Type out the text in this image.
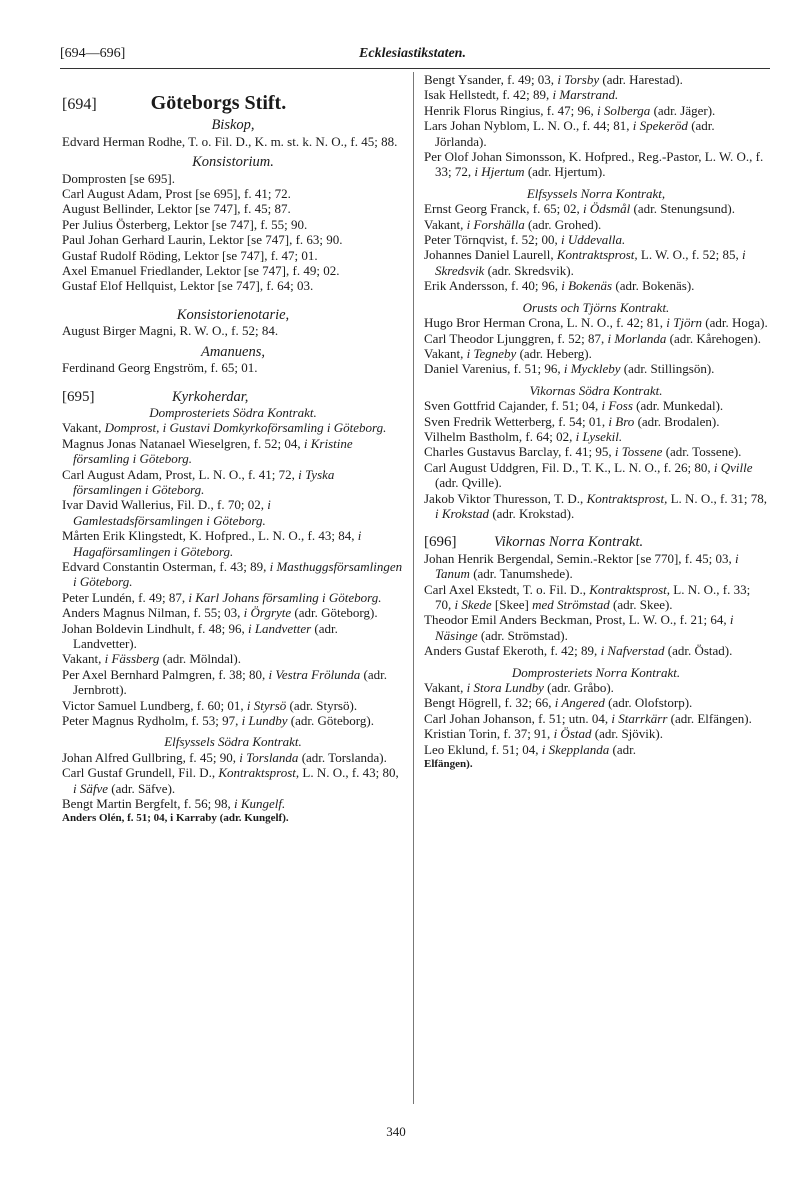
[694—696]	Ecklesiastikstaten.

[694]	Göteborgs Stift.

Biskop,

Edvard Herman Rodhe, T. o. Fil. D., K. m. st. k. N. O., f. 45; 88.

Konsistorium.

Domprosten [se 695].

Carl August Adam, Prost [se 695], f. 41; 72.

August Bellinder, Lektor [se 747], f. 45; 87.

Per Julius Österberg, Lektor [se 747], f. 55; 90.

Paul Johan Gerhard Laurin, Lektor [se 747], f. 63; 90.

Gustaf Rudolf Röding, Lektor [se 747], f. 47; 01.

Axel Emanuel Friedlander, Lektor [se 747], f. 49; 02.

Gustaf Elof Hellquist, Lektor [se 747], f. 64; 03.

Konsistorienotarie,

August Birger Magni, R. W. O., f. 52; 84.

Amanuens,

Ferdinand Georg Engström, f. 65; 01.

[695]	Kyrkoherdar,

Domprosteriets Södra Kontrakt.

Vakant, Domprost, i Gustavi Domkyrkoförsamling i Göteborg.

Magnus Jonas Natanael Wieselgren, f. 52; 04, i Kristine församling i Göteborg.

Carl August Adam, Prost, L. N. O., f. 41; 72, i Tyska församlingen i Göteborg.

Ivar David Wallerius, Fil. D., f. 70; 02, i Gamlestadsförsamlingen i Göteborg.

Mårten Erik Klingstedt, K. Hofpred., L. N. O., f. 43; 84, i Hagaförsamlingen i Göteborg.

Edvard Constantin Osterman, f. 43; 89, i Masthuggsförsamlingen i Göteborg.

Peter Lundén, f. 49; 87, i Karl Johans församling i Göteborg.

Anders Magnus Nilman, f. 55; 03, i Örgryte (adr. Göteborg).

Johan Boldevin Lindhult, f. 48; 96, i Landvetter (adr. Landvetter).

Vakant, i Fässberg (adr. Mölndal).

Per Axel Bernhard Palmgren, f. 38; 80, i Vestra Frölunda (adr. Jernbrott).

Victor Samuel Lundberg, f. 60; 01, i Styrsö (adr. Styrsö).

Peter Magnus Rydholm, f. 53; 97, i Lundby (adr. Göteborg).

Elfsyssels Södra Kontrakt.

Johan Alfred Gullbring, f. 45; 90, i Torslanda (adr. Torslanda).

Carl Gustaf Grundell, Fil. D., Kontraktsprost, L. N. O., f. 43; 80, i Säfve (adr. Säfve).

Bengt Martin Bergfelt, f. 56; 98, i Kungelf.

Anders Olén, f. 51; 04, i Karraby (adr. Kungelf).

Bengt Ysander, f. 49; 03, i Torsby (adr. Harestad).

Isak Hellstedt, f. 42; 89, i Marstrand.

Henrik Florus Ringius, f. 47; 96, i Solberga (adr. Jäger).

Lars Johan Nyblom, L. N. O., f. 44; 81, i Spekeröd (adr. Jörlanda).

Per Olof Johan Simonsson, K. Hofpred., Reg.-Pastor, L. W. O., f. 33; 72, i Hjertum (adr. Hjertum).

Elfsyssels Norra Kontrakt,

Ernst Georg Franck, f. 65; 02, i Ödsmål (adr. Stenungsund).

Vakant, i Forshälla (adr. Grohed).

Peter Törnqvist, f. 52; 00, i Uddevalla.

Johannes Daniel Laurell, Kontraktsprost, L. W. O., f. 52; 85, i Skredsvik (adr. Skredsvik).

Erik Andersson, f. 40; 96, i Bokenäs (adr. Bokenäs).

Orusts och Tjörns Kontrakt.

Hugo Bror Herman Crona, L. N. O., f. 42; 81, i Tjörn (adr. Hoga).

Carl Theodor Ljunggren, f. 52; 87, i Morlanda (adr. Kårehogen).

Vakant, i Tegneby (adr. Heberg).

Daniel Varenius, f. 51; 96, i Myckleby (adr. Stillingsön).

Vikornas Södra Kontrakt.

Sven Gottfrid Cajander, f. 51; 04, i Foss (adr. Munkedal).

Sven Fredrik Wetterberg, f. 54; 01, i Bro (adr. Brodalen).

Vilhelm Bastholm, f. 64; 02, i Lysekil.

Charles Gustavus Barclay, f. 41; 95, i Tossene (adr. Tossene).

Carl August Uddgren, Fil. D., T. K., L. N. O., f. 26; 80, i Qville (adr. Qville).

Jakob Viktor Thuresson, T. D., Kontraktsprost, L. N. O., f. 31; 78, i Krokstad (adr. Krokstad).

[696]	Vikornas Norra Kontrakt.

Johan Henrik Bergendal, Semin.-Rektor [se 770], f. 45; 03, i Tanum (adr. Tanumshede).

Carl Axel Ekstedt, T. o. Fil. D., Kontraktsprost, L. N. O., f. 33; 70, i Skede [Skee] med Strömstad (adr. Skee).

Theodor Emil Anders Beckman, Prost, L. W. O., f. 21; 64, i Näsinge (adr. Strömstad).

Anders Gustaf Ekeroth, f. 42; 89, i Nafverstad (adr. Östad).

Domprosteriets Norra Kontrakt.

Vakant, i Stora Lundby (adr. Gråbo).

Bengt Högrell, f. 32; 66, i Angered (adr. Olofstorp).

Carl Johan Johanson, f. 51; utn. 04, i Starrkärr (adr. Elfängen).

Kristian Torin, f. 37; 91, i Östad (adr. Sjövik).

Leo Eklund, f. 51; 04, i Skepplanda (adr.

Elfängen).

340
